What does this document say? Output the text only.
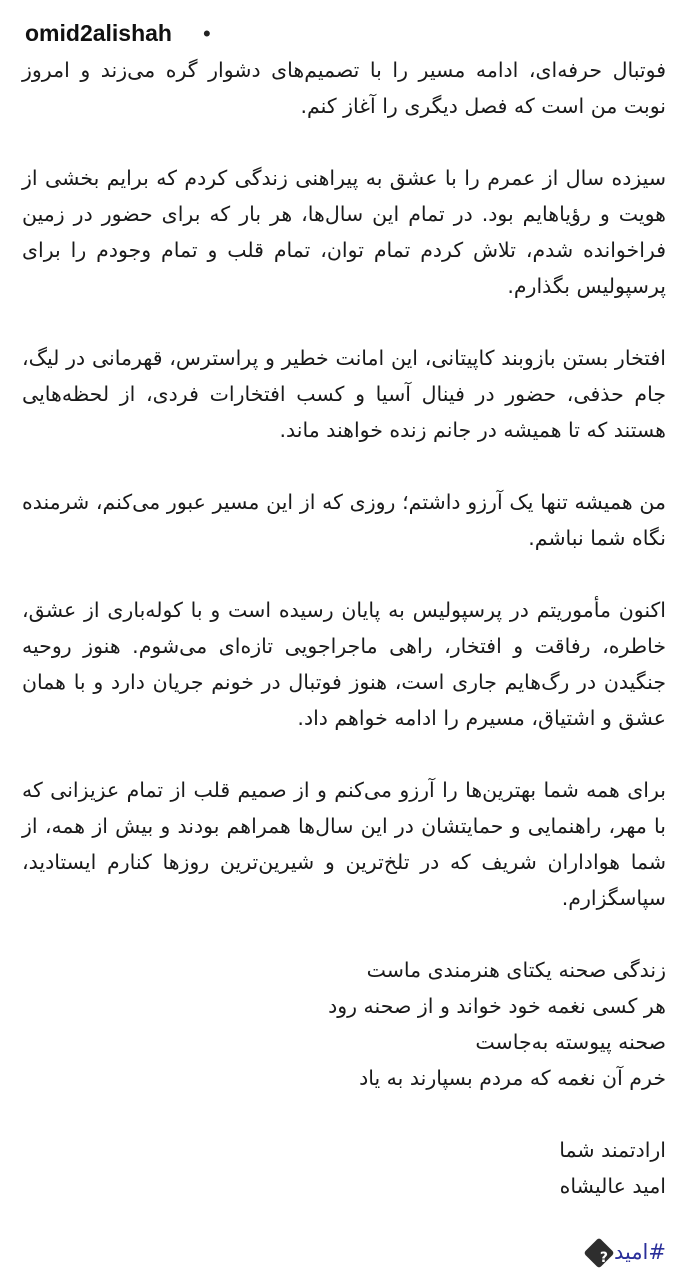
omid2alishah •

فوتبال حرفه‌ای، ادامه مسیر را با تصمیم‌های دشوار گره می‌زند و امروز نوبت من است که فصل دیگری را آغاز کنم.

سیزده سال از عمرم را با عشق به پیراهنی زندگی کردم که برایم بخشی از هویت و رؤیاهایم بود. در تمام این سال‌ها، هر بار که برای حضور در زمین فراخوانده شدم، تلاش کردم تمام توان، تمام قلب و تمام وجودم را برای پرسپولیس بگذارم.

افتخار بستن بازوبند کاپیتانی، این امانت خطیر و پراسترس، قهرمانی در لیگ، جام حذفی، حضور در فینال آسیا و کسب افتخارات فردی، از لحظه‌هایی هستند که تا همیشه در جانم زنده خواهند ماند.

من همیشه تنها یک آرزو داشتم؛ روزی که از این مسیر عبور می‌کنم، شرمنده نگاه شما نباشم.

اکنون مأموریتم در پرسپولیس به پایان رسیده است و با کوله‌باری از عشق، خاطره، رفاقت و افتخار، راهی ماجراجویی تازه‌ای می‌شوم. هنوز روحیه جنگیدن در رگ‌هایم جاری است، هنوز فوتبال در خونم جریان دارد و با همان عشق و اشتیاق، مسیرم را ادامه خواهم داد.

برای همه شما بهترین‌ها را آرزو می‌کنم و از صمیم قلب از تمام عزیزانی که با مهر، راهنمایی و حمایتشان در این سال‌ها همراهم بودند و بیش از همه، از شما هواداران شریف که در تلخ‌ترین و شیرین‌ترین روزها کنارم ایستادید، سپاسگزارم.

زندگی صحنه یکتای هنرمندی ماست
هر کسی نغمه خود خواند و از صحنه رود
صحنه پیوسته به‌جاست
خرم آن نغمه که مردم بسپارند به یاد

ارادتمند شما
امید عالیشاه

#امید?
